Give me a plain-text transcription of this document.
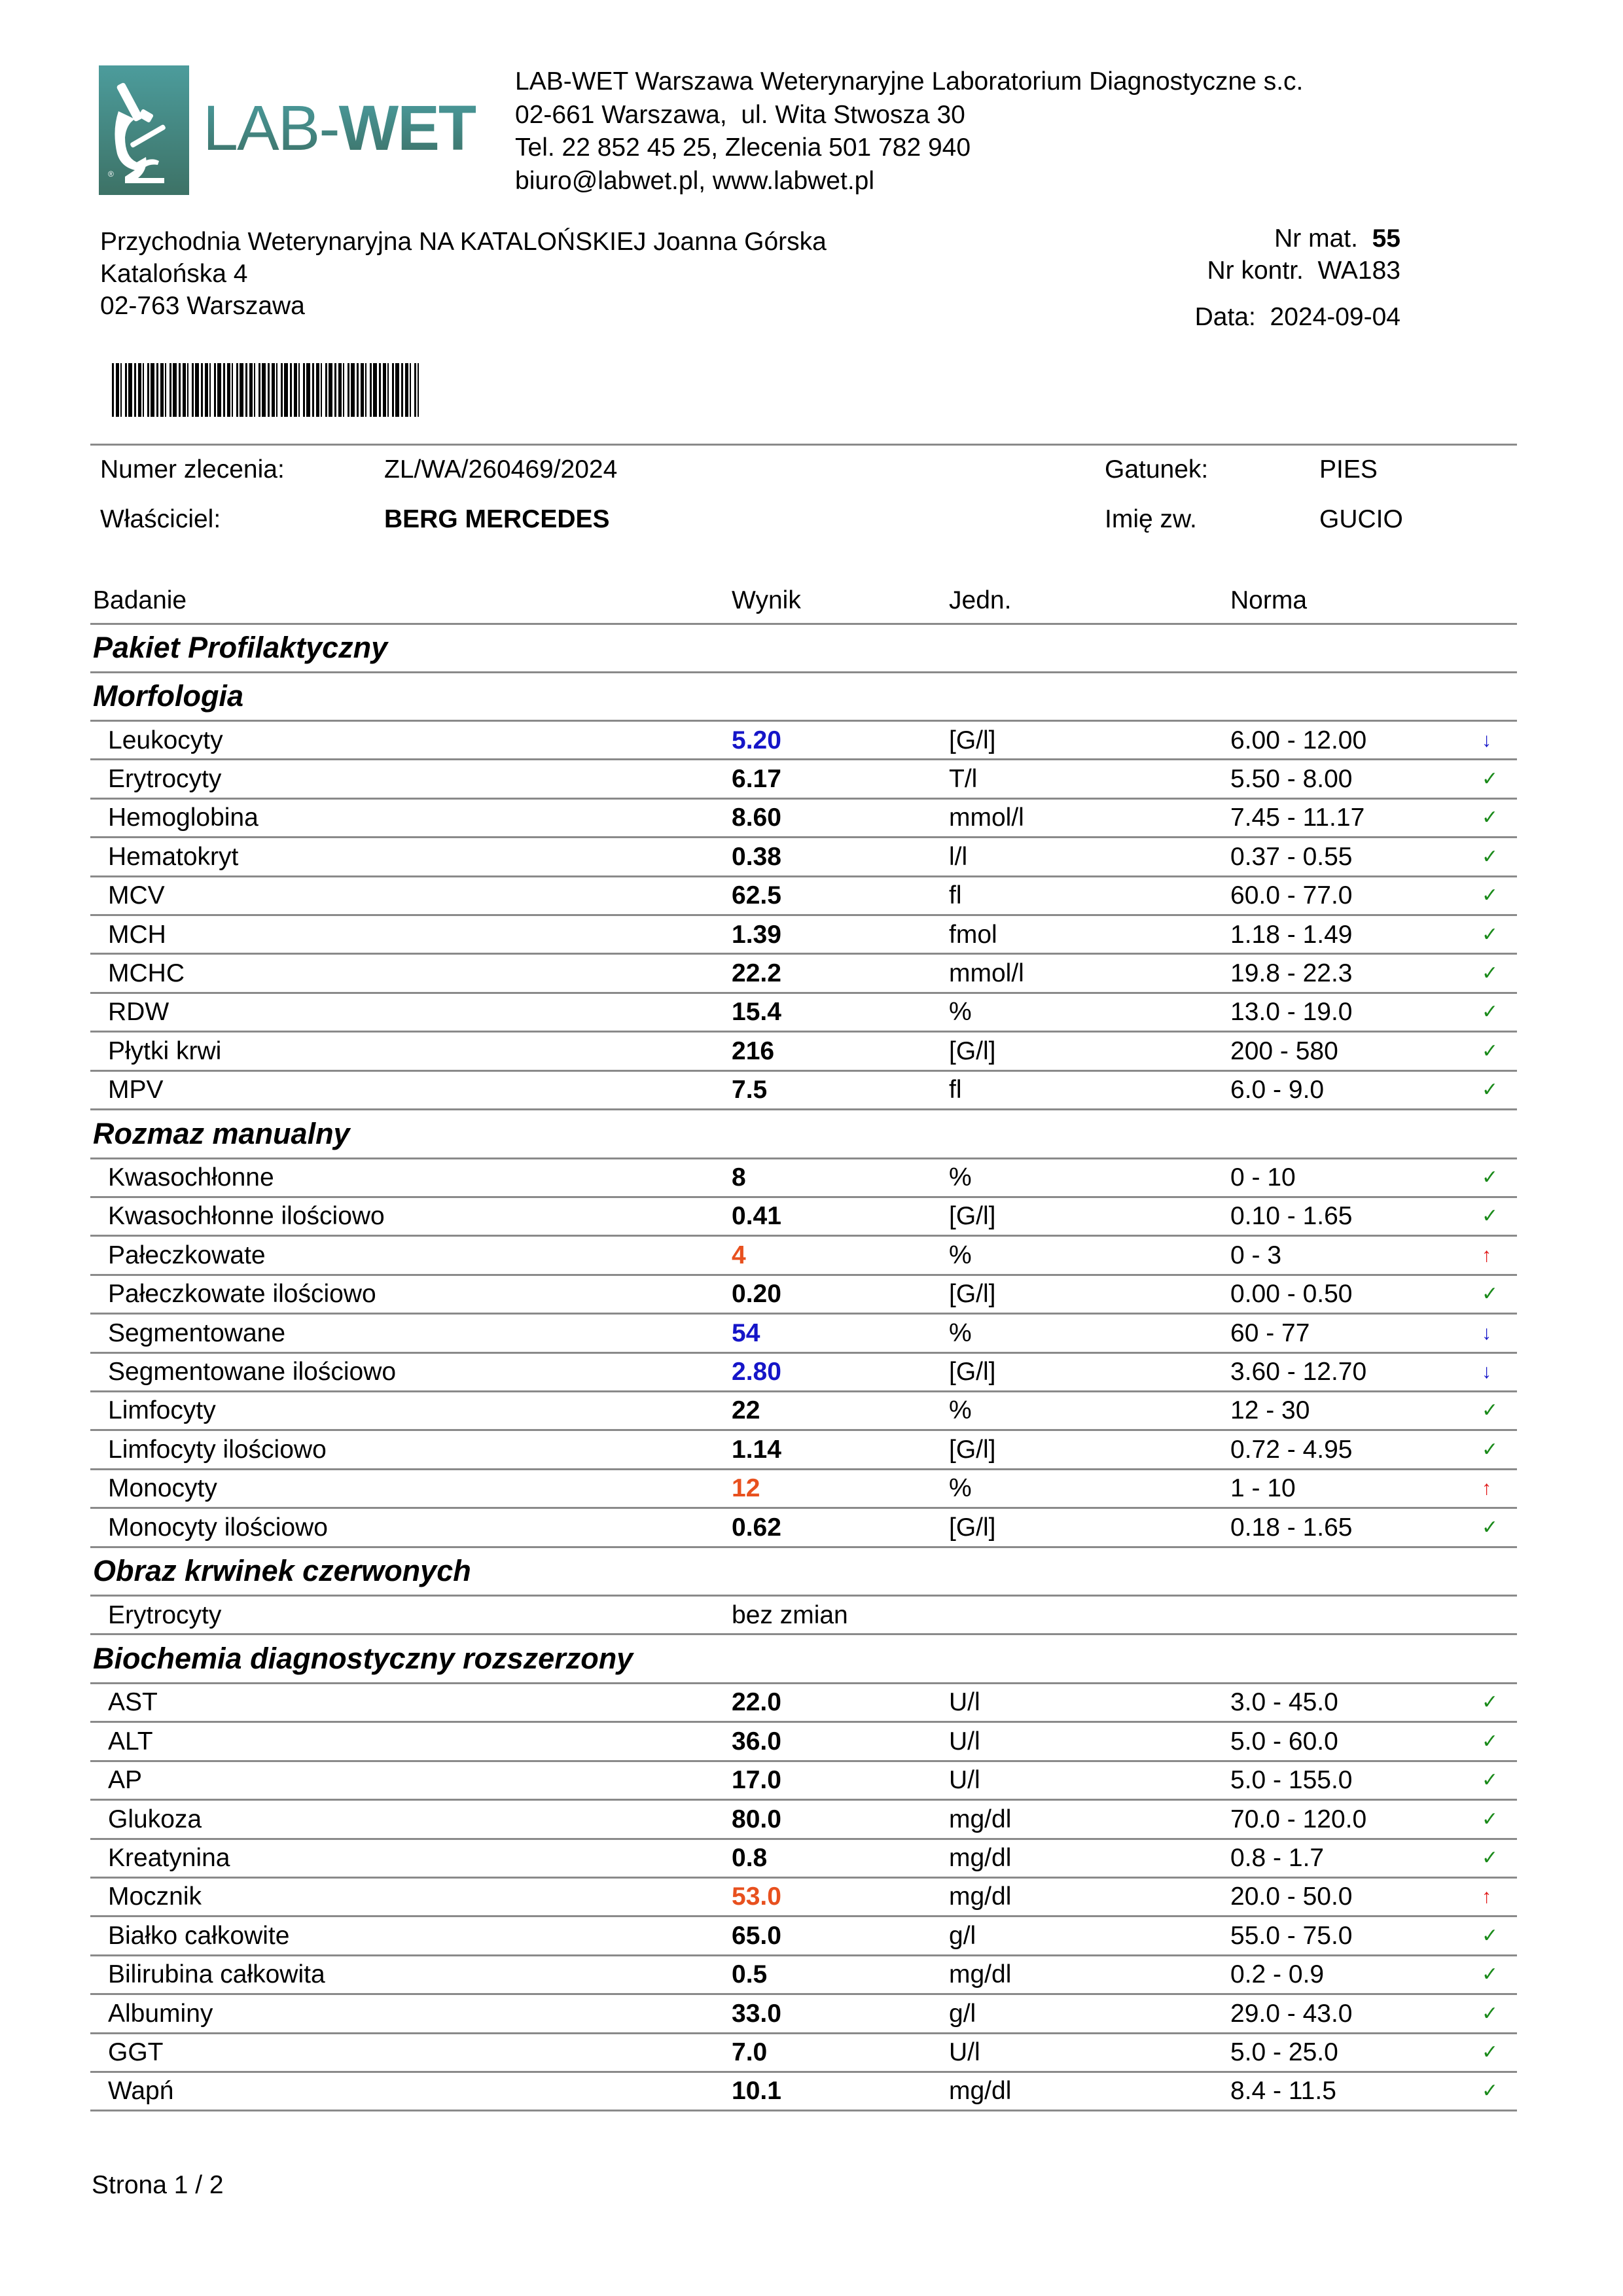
®
LAB-WET
LAB-WET Warszawa Weterynaryjne Laboratorium Diagnostyczne s.c.
02-661 Warszawa,  ul. Wita Stwosza 30
Tel. 22 852 45 25, Zlecenia 501 782 940
biuro@labwet.pl, www.labwet.pl
Przychodnia Weterynaryjna NA KATALOŃSKIEJ Joanna Górska
Katalońska 4
02-763 Warszawa
Nr mat. 55
Nr kontr. WA183
Data: 2024-09-04
Numer zlecenia:	ZL/WA/260469/2024	Gatunek:	PIES
Właściciel:	BERG MERCEDES	Imię zw.	GUCIO
Badanie	Wynik	Jedn.	Norma
Pakiet Profilaktyczny
Morfologia
Leukocyty	5.20	[G/l]	6.00 - 12.00	↓
Erytrocyty	6.17	T/l	5.50 - 8.00	✓
Hemoglobina	8.60	mmol/l	7.45 - 11.17	✓
Hematokryt	0.38	l/l	0.37 - 0.55	✓
MCV	62.5	fl	60.0 - 77.0	✓
MCH	1.39	fmol	1.18 - 1.49	✓
MCHC	22.2	mmol/l	19.8 - 22.3	✓
RDW	15.4	%	13.0 - 19.0	✓
Płytki krwi	216	[G/l]	200 - 580	✓
MPV	7.5	fl	6.0 - 9.0	✓
Rozmaz manualny
Kwasochłonne	8	%	0 - 10	✓
Kwasochłonne ilościowo	0.41	[G/l]	0.10 - 1.65	✓
Pałeczkowate	4	%	0 - 3	↑
Pałeczkowate ilościowo	0.20	[G/l]	0.00 - 0.50	✓
Segmentowane	54	%	60 - 77	↓
Segmentowane ilościowo	2.80	[G/l]	3.60 - 12.70	↓
Limfocyty	22	%	12 - 30	✓
Limfocyty ilościowo	1.14	[G/l]	0.72 - 4.95	✓
Monocyty	12	%	1 - 10	↑
Monocyty ilościowo	0.62	[G/l]	0.18 - 1.65	✓
Obraz krwinek czerwonych
Erytrocyty	bez zmian
Biochemia diagnostyczny rozszerzony
AST	22.0	U/l	3.0 - 45.0	✓
ALT	36.0	U/l	5.0 - 60.0	✓
AP	17.0	U/l	5.0 - 155.0	✓
Glukoza	80.0	mg/dl	70.0 - 120.0	✓
Kreatynina	0.8	mg/dl	0.8 - 1.7	✓
Mocznik	53.0	mg/dl	20.0 - 50.0	↑
Białko całkowite	65.0	g/l	55.0 - 75.0	✓
Bilirubina całkowita	0.5	mg/dl	0.2 - 0.9	✓
Albuminy	33.0	g/l	29.0 - 43.0	✓
GGT	7.0	U/l	5.0 - 25.0	✓
Wapń	10.1	mg/dl	8.4 - 11.5	✓
Strona 1 / 2
